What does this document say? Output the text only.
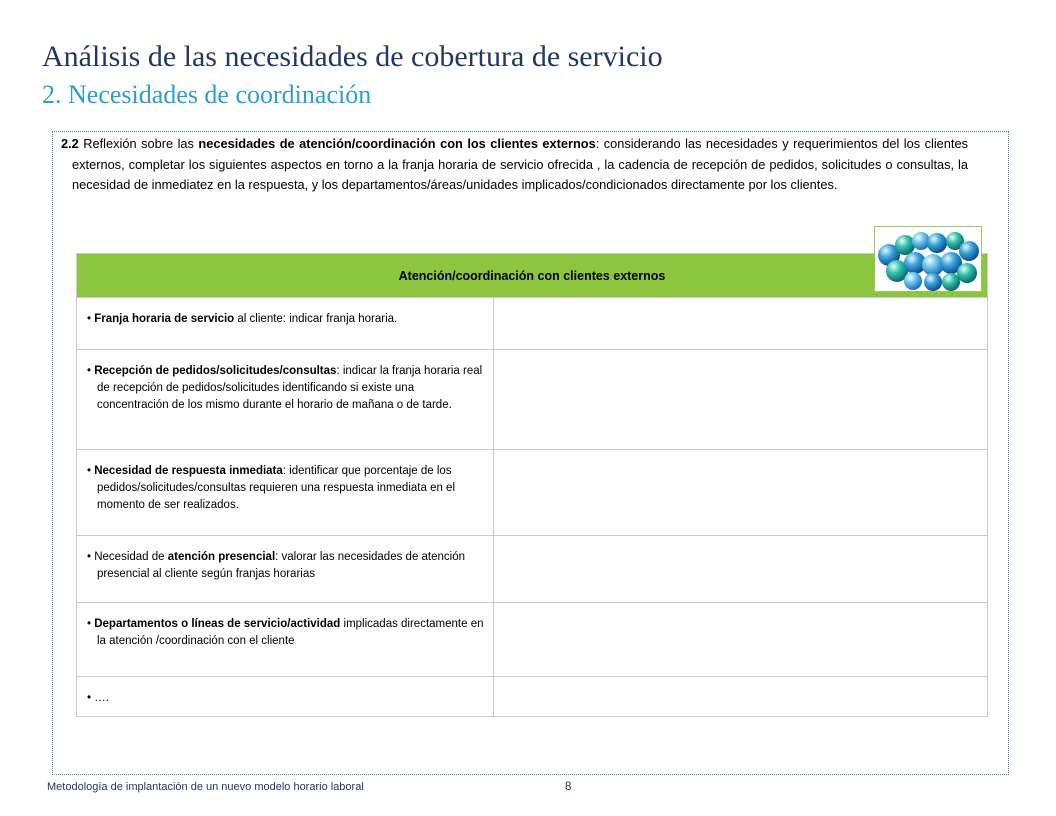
Análisis de las necesidades de cobertura de servicio
2. Necesidades de coordinación

2.2 Reflexión sobre las necesidades de atención/coordinación con los clientes externos: considerando las necesidades y requerimientos del los clientes externos, completar los siguientes aspectos en torno a la franja horaria de servicio ofrecida , la cadencia de recepción de pedidos, solicitudes o consultas, la necesidad de inmediatez en la respuesta, y los departamentos/áreas/unidades implicados/condicionados directamente por los clientes.

Atención/coordinación con clientes externos	

• Franja horaria de servicio al cliente: indicar franja horaria.	

• Recepción de pedidos/solicitudes/consultas: indicar la franja horaria real de recepción de pedidos/solicitudes identificando si existe una concentración de los mismo durante el horario de mañana o de tarde.	

• Necesidad de respuesta inmediata: identificar que porcentaje de los pedidos/solicitudes/consultas requieren una respuesta inmediata en el momento de ser realizados.	

• Necesidad de atención presencial: valorar las necesidades de atención presencial al cliente según franjas horarias	

• Departamentos o líneas de servicio/actividad implicadas directamente en la atención /coordinación con el cliente	

• ….	

Metodología de implantación de un nuevo modelo horario laboral	8
